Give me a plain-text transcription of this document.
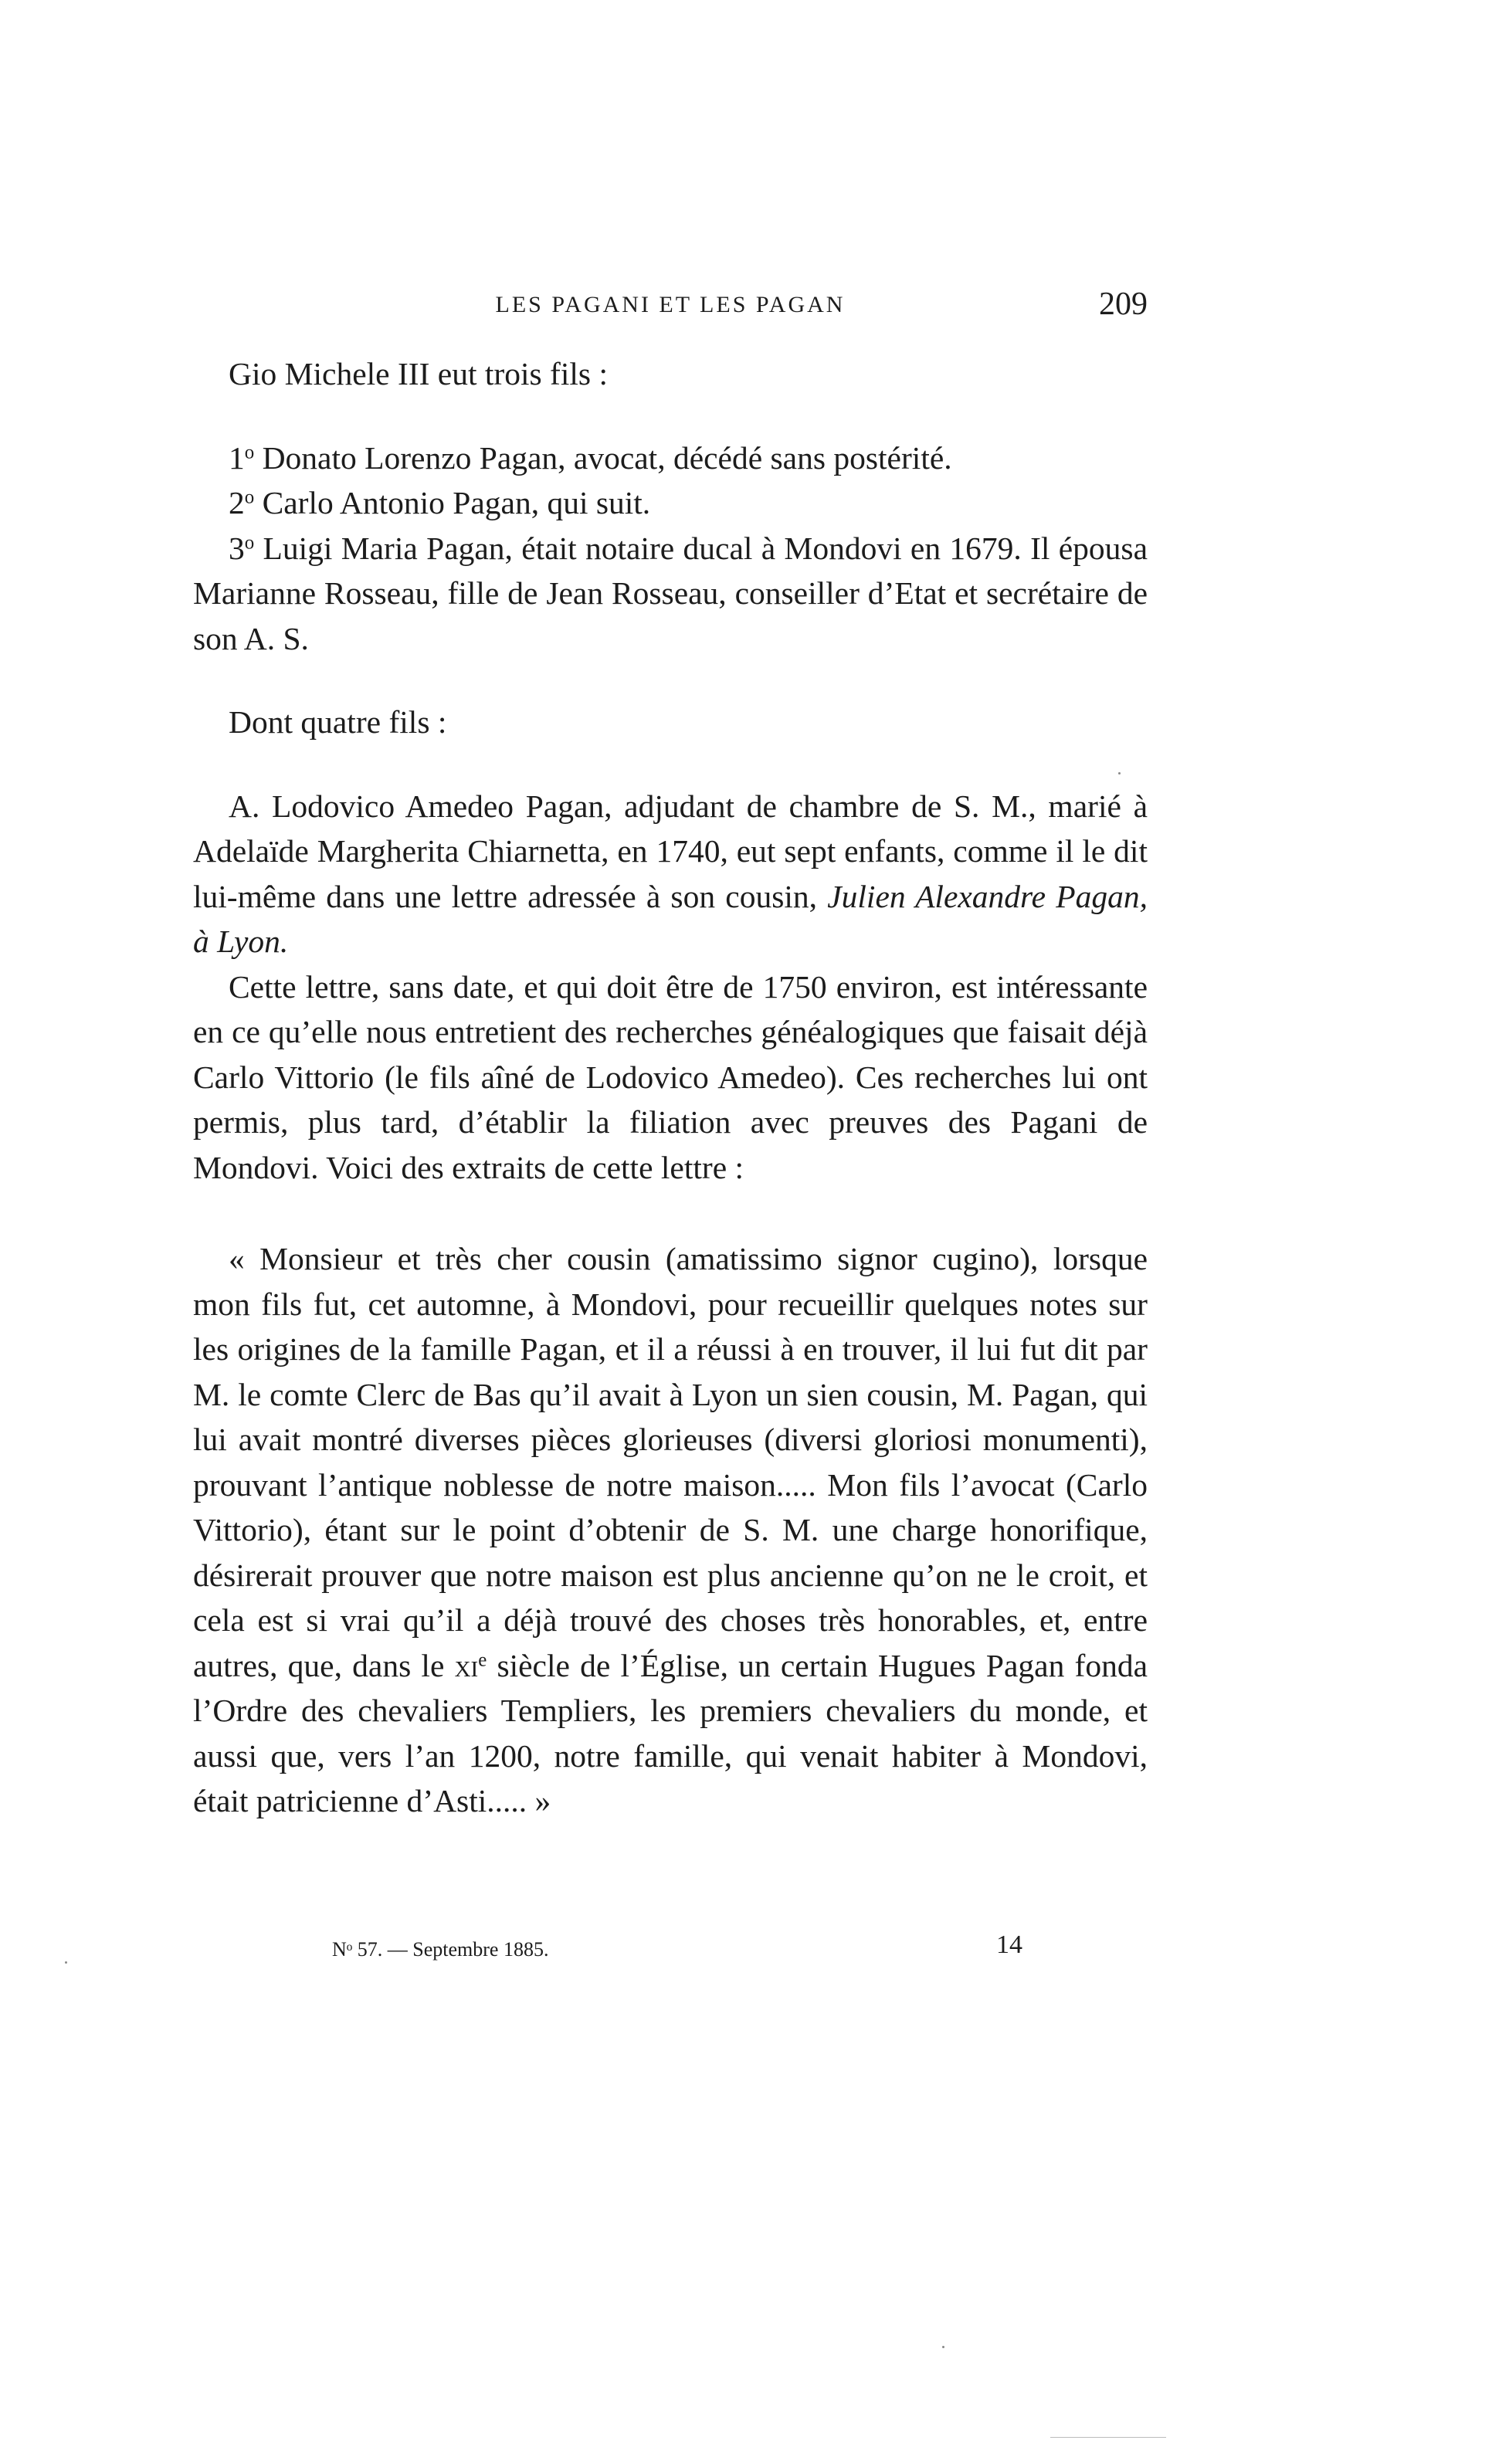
LES PAGANI ET LES PAGAN	209

Gio Michele III eut trois fils :

1$^o$ Donato Lorenzo Pagan, avocat, décédé sans postérité.

2$^o$ Carlo Antonio Pagan, qui suit.

3$^o$ Luigi Maria Pagan, était notaire ducal à Mondovi en 1679. Il épousa Marianne Rosseau, fille de Jean Rosseau, conseiller d’Etat et secrétaire de son A. S.

Dont quatre fils :

A. Lodovico Amedeo Pagan, adjudant de chambre de S. M., marié à Adelaïde Margherita Chiarnetta, en 1740, eut sept enfants, comme il le dit lui-même dans une lettre adressée à son cousin, Julien Alexandre Pagan, à Lyon.

Cette lettre, sans date, et qui doit être de 1750 environ, est intéressante en ce qu’elle nous entretient des recherches généalogiques que faisait déjà Carlo Vittorio (le fils aîné de Lodovico Amedeo). Ces recherches lui ont permis, plus tard, d’établir la filiation avec preuves des Pagani de Mondovi. Voici des extraits de cette lettre :

« Monsieur et très cher cousin (amatissimo signor cugino), lorsque mon fils fut, cet automne, à Mondovi, pour recueillir quelques notes sur les origines de la famille Pagan, et il a réussi à en trouver, il lui fut dit par M. le comte Clerc de Bas qu’il avait à Lyon un sien cousin, M. Pagan, qui lui avait montré diverses pièces glorieuses (diversi gloriosi monumenti), prouvant l’antique noblesse de notre maison..... Mon fils l’avocat (Carlo Vittorio), étant sur le point d’obtenir de S. M. une charge honorifique, désirerait prouver que notre maison est plus ancienne qu’on ne le croit, et cela est si vrai qu’il a déjà trouvé des choses très honorables, et, entre autres, que, dans le $xi^e$ siècle de l’Église, un certain Hugues Pagan fonda l’Ordre des chevaliers Templiers, les premiers chevaliers du monde, et aussi que, vers l’an 1200, notre famille, qui venait habiter à Mondovi, était patricienne d’Asti..... »

Nᵒ 57. — Septembre 1885.	14
